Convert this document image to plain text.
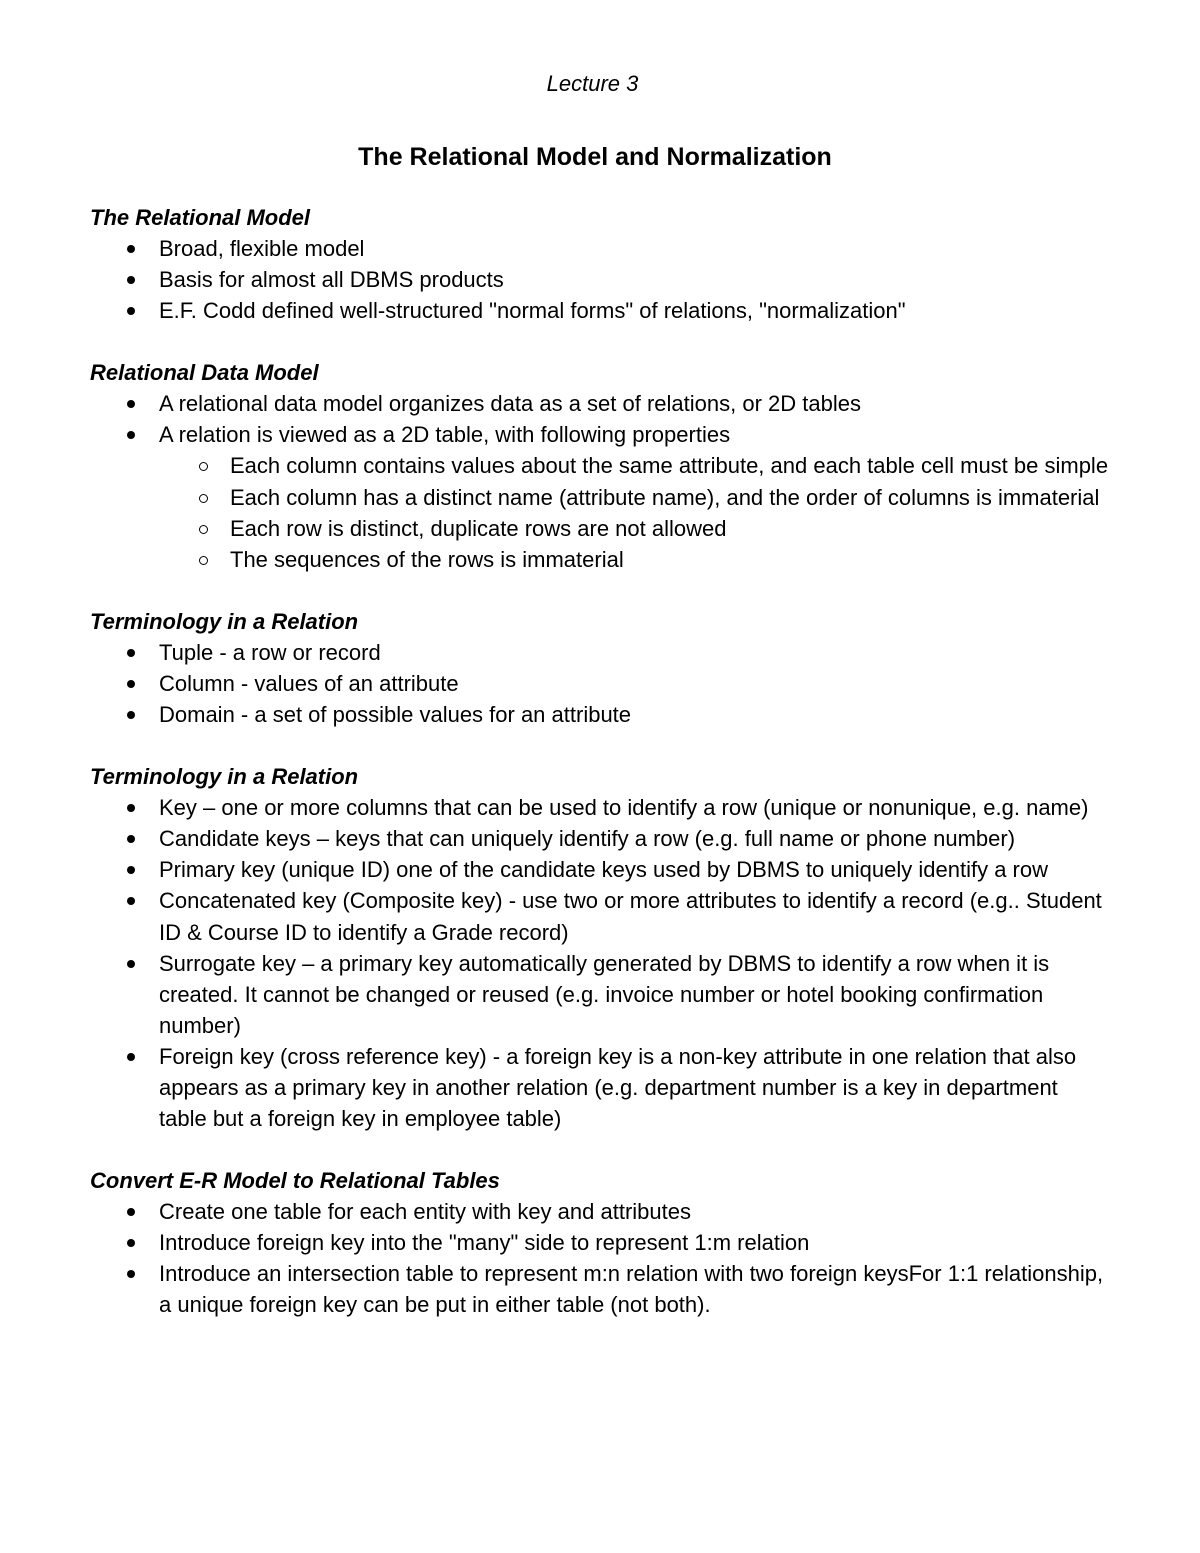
Lecture 3
The Relational Model and Normalization
The Relational Model
Broad, flexible model
Basis for almost all DBMS products
E.F. Codd defined well-structured "normal forms" of relations, "normalization"
Relational Data Model
A relational data model organizes data as a set of relations, or 2D tables
A relation is viewed as a 2D table, with following properties
Each column contains values about the same attribute, and each table cell must be simple
Each column has a distinct name (attribute name), and the order of columns is immaterial
Each row is distinct, duplicate rows are not allowed
The sequences of the rows is immaterial
Terminology in a Relation
Tuple - a row or record
Column - values of an attribute
Domain - a set of possible values for an attribute
Terminology in a Relation
Key – one or more columns that can be used to identify a row (unique or nonunique, e.g. name)
Candidate keys – keys that can uniquely identify a row (e.g. full name or phone number)
Primary key (unique ID) one of the candidate keys used by DBMS to uniquely identify a row
Concatenated key (Composite key) - use two or more attributes to identify a record (e.g.. Student ID & Course ID to identify a Grade record)
Surrogate key – a primary key automatically generated by DBMS to identify a row when it is created. It cannot be changed or reused (e.g. invoice number or hotel booking confirmation number)
Foreign key (cross reference key) - a foreign key is a non-key attribute in one relation that also appears as a primary key in another relation (e.g. department number is a key in department table but a foreign key in employee table)
Convert E-R Model to Relational Tables
Create one table for each entity with key and attributes
Introduce foreign key into the "many" side to represent 1:m relation
Introduce an intersection table to represent m:n relation with two foreign keysFor 1:1 relationship, a unique foreign key can be put in either table (not both).
